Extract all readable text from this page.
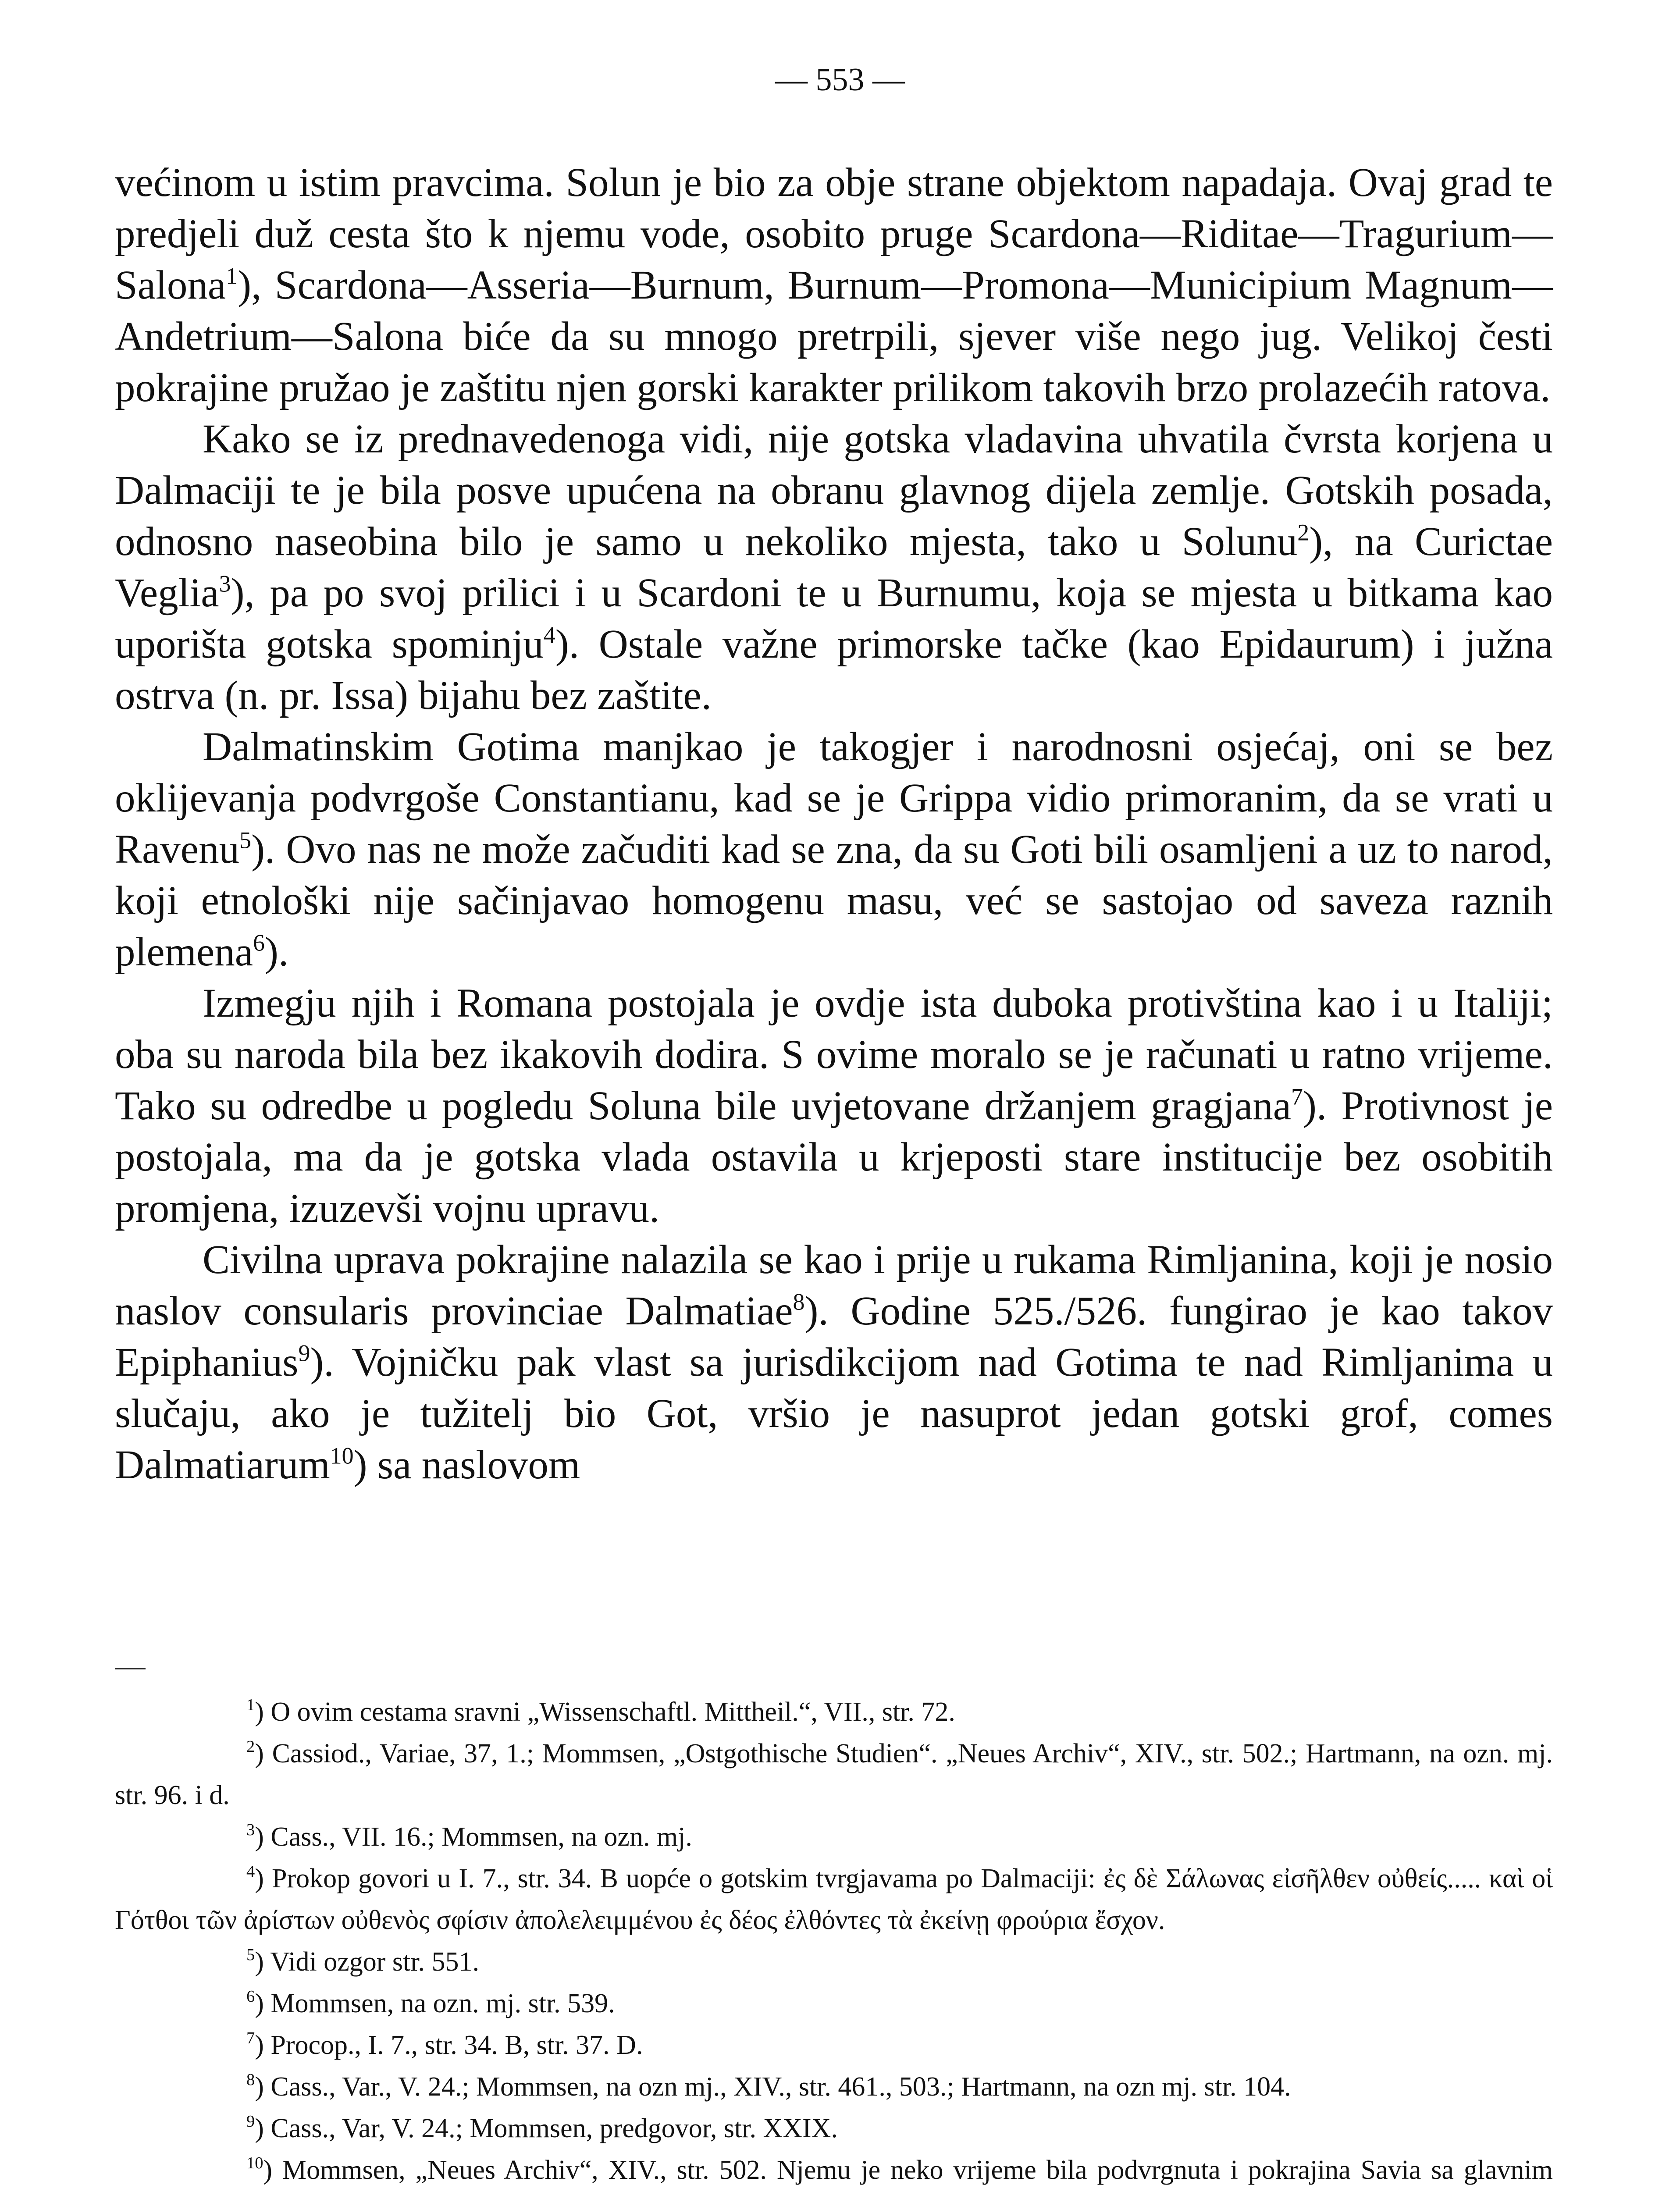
— 553 —

većinom u istim pravcima. Solun je bio za obje strane objektom napadaja. Ovaj grad te predjeli duž cesta što k njemu vode, osobito pruge Scardona—Riditae—Tragurium—Salona$^1$), Scardona—Asseria—Burnum, Burnum—Promona—Municipium Magnum—Andetrium—Salona biće da su mnogo pretrpili, sjever više nego jug. Velikoj česti pokrajine pružao je zaštitu njen gorski karakter prilikom takovih brzo prolazećih ratova.

Kako se iz prednavedenoga vidi, nije gotska vladavina uhvatila čvrsta korjena u Dalmaciji te je bila posve upućena na obranu glavnog dijela zemlje. Gotskih posada, odnosno naseobina bilo je samo u nekoliko mjesta, tako u Solunu$^2$), na Curictae Veglia$^3$), pa po svoj prilici i u Scardoni te u Burnumu, koja se mjesta u bitkama kao uporišta gotska spominju$^4$). Ostale važne primorske tačke (kao Epidaurum) i južna ostrva (n. pr. Issa) bijahu bez zaštite.

Dalmatinskim Gotima manjkao je takogjer i narodnosni osjećaj, oni se bez oklijevanja podvrgoše Constantianu, kad se je Grippa vidio primoranim, da se vrati u Ravenu$^5$). Ovo nas ne može začuditi kad se zna, da su Goti bili osamljeni a uz to narod, koji etnološki nije sačinjavao homogenu masu, već se sastojao od saveza raznih plemena$^6$).

Izmegju njih i Romana postojala je ovdje ista duboka protivština kao i u Italiji; oba su naroda bila bez ikakovih dodira. S ovime moralo se je računati u ratno vrijeme. Tako su odredbe u pogledu Soluna bile uvjetovane držanjem gragjana$^7$). Protivnost je postojala, ma da je gotska vlada ostavila u krjeposti stare institucije bez osobitih promjena, izuzevši vojnu upravu.

Civilna uprava pokrajine nalazila se kao i prije u rukama Rimljanina, koji je nosio naslov consularis provinciae Dalmatiae$^8$). Godine 525./526. fungirao je kao takov Epiphanius$^9$). Vojničku pak vlast sa jurisdikcijom nad Gotima te nad Rimljanima u slučaju, ako je tužitelj bio Got, vršio je nasuprot jedan gotski grof, comes Dalmatiarum$^{10}$) sa naslovom

$^1$) O ovim cestama sravni „Wissenschaftl. Mittheil.“, VII., str. 72.

$^2$) Cassiod., Variae, 37, 1.; Mommsen, „Ostgothische Studien“. „Neues Archiv“, XIV., str. 502.; Hartmann, na ozn. mj. str. 96. i d.

$^3$) Cass., VII. 16.; Mommsen, na ozn. mj.

$^4$) Prokop govori u I. 7., str. 34. B uopće o gotskim tvrgjavama po Dalmaciji: ἐς δὲ Σάλωνας εἰσῆλθεν οὐθείς..... καὶ οἱ Γότθοι τῶν ἀρίστων οὐθενὸς σφίσιν ἀπολελειμμένου ἐς δέος ἐλθόντες τὰ ἐκείνῃ φρούρια ἔσχον.

$^5$) Vidi ozgor str. 551.

$^6$) Mommsen, na ozn. mj. str. 539.

$^7$) Procop., I. 7., str. 34. B, str. 37. D.

$^8$) Cass., Var., V. 24.; Mommsen, na ozn mj., XIV., str. 461., 503.; Hartmann, na ozn mj. str. 104.

$^9$) Cass., Var, V. 24.; Mommsen, predgovor, str. XXIX.

$^{10}$) Mommsen, „Neues Archiv“, XIV., str. 502. Njemu je neko vrijeme bila podvrgnuta i pokrajina Savia sa glavnim
